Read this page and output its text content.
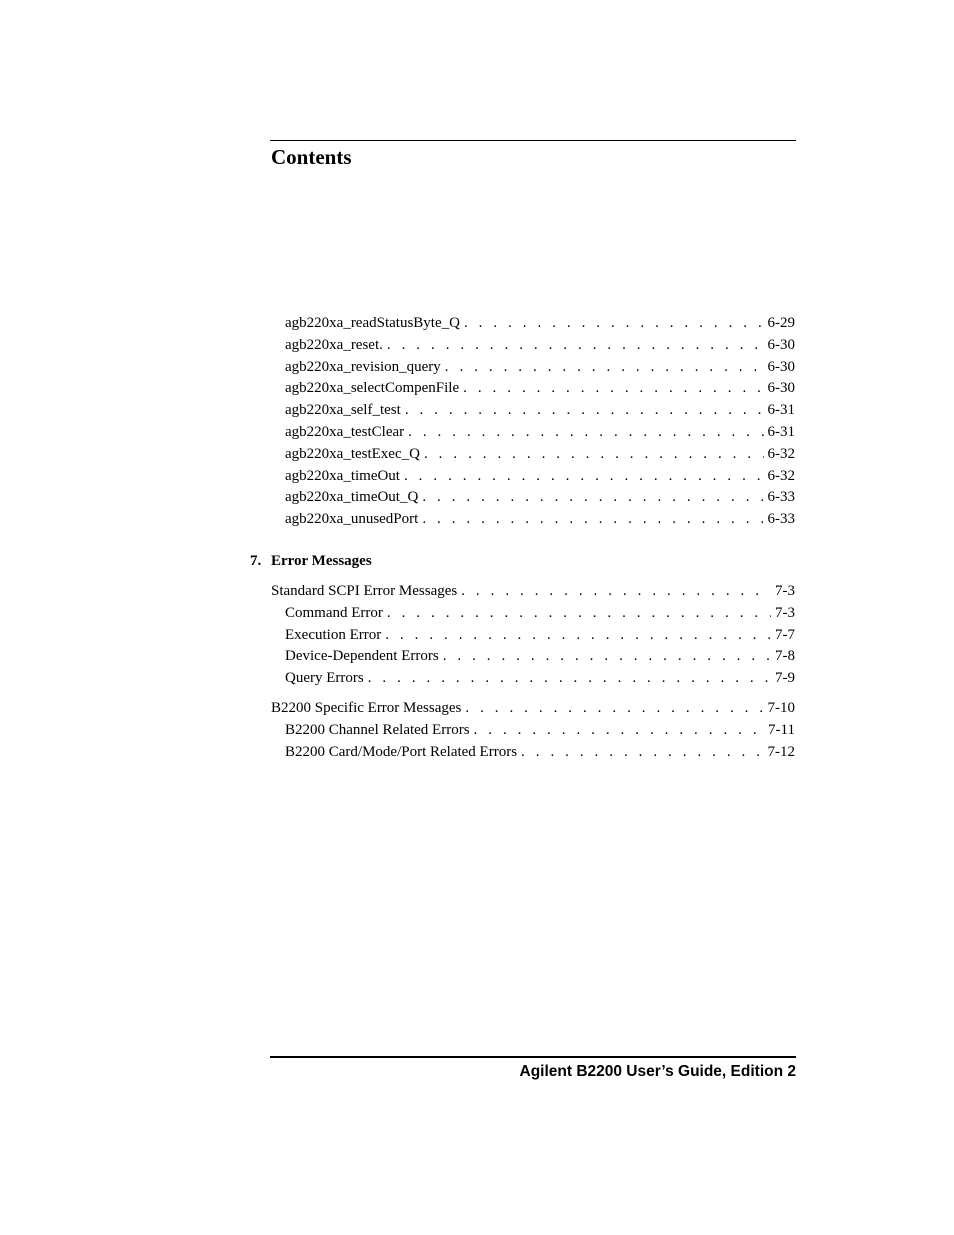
Contents
agb220xa_readStatusByte_Q . . .	6-29
agb220xa_reset. . . .	6-30
agb220xa_revision_query . . .	6-30
agb220xa_selectCompenFile . . .	6-30
agb220xa_self_test . . .	6-31
agb220xa_testClear . . .	6-31
agb220xa_testExec_Q . . .	6-32
agb220xa_timeOut . . .	6-32
agb220xa_timeOut_Q . . .	6-33
agb220xa_unusedPort . . .	6-33
7. Error Messages
Standard SCPI Error Messages . . .	7-3
Command Error . . .	7-3
Execution Error . . .	7-7
Device-Dependent Errors . . .	7-8
Query Errors . . .	7-9
B2200 Specific Error Messages . . .	7-10
B2200 Channel Related Errors . . .	7-11
B2200 Card/Mode/Port Related Errors . . .	7-12
Agilent B2200 User’s Guide, Edition 2
